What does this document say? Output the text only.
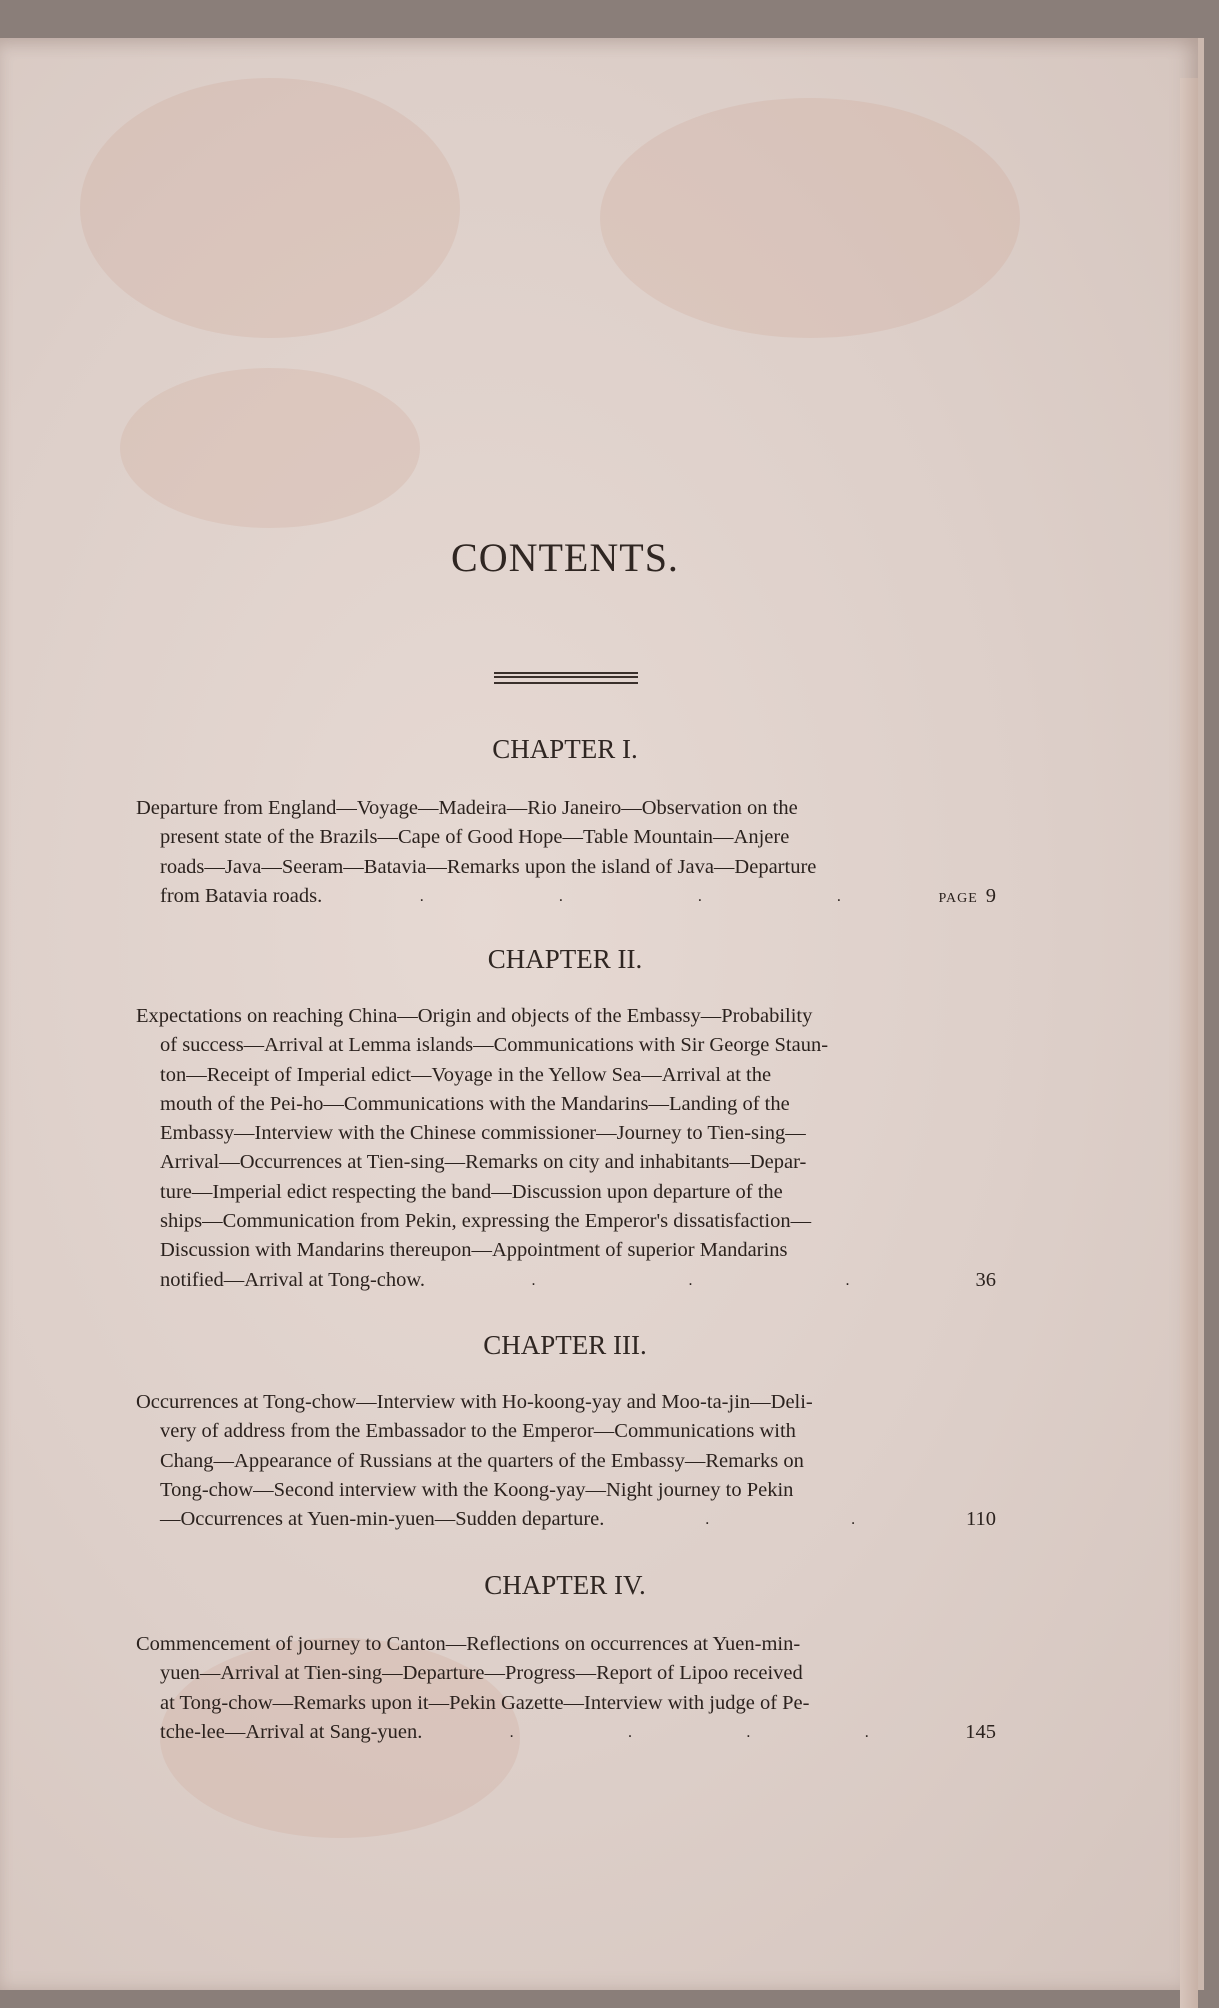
CONTENTS.
CHAPTER I.
Departure from England—Voyage—Madeira—Rio Janeiro—Observation on the
present state of the Brazils—Cape of Good Hope—Table Mountain—Anjere
roads—Java—Seeram—Batavia—Remarks upon the island of Java—Departure
from Batavia roads.	.	.	.	.	PAGE 9
CHAPTER II.
Expectations on reaching China—Origin and objects of the Embassy—Probability
of success—Arrival at Lemma islands—Communications with Sir George Staun-
ton—Receipt of Imperial edict—Voyage in the Yellow Sea—Arrival at the
mouth of the Pei-ho—Communications with the Mandarins—Landing of the
Embassy—Interview with the Chinese commissioner—Journey to Tien-sing—
Arrival—Occurrences at Tien-sing—Remarks on city and inhabitants—Depar-
ture—Imperial edict respecting the band—Discussion upon departure of the
ships—Communication from Pekin, expressing the Emperor's dissatisfaction—
Discussion with Mandarins thereupon—Appointment of superior Mandarins
notified—Arrival at Tong-chow.	.	.	.	36
CHAPTER III.
Occurrences at Tong-chow—Interview with Ho-koong-yay and Moo-ta-jin—Deli-
very of address from the Embassador to the Emperor—Communications with
Chang—Appearance of Russians at the quarters of the Embassy—Remarks on
Tong-chow—Second interview with the Koong-yay—Night journey to Pekin
—Occurrences at Yuen-min-yuen—Sudden departure.	.	.	110
CHAPTER IV.
Commencement of journey to Canton—Reflections on occurrences at Yuen-min-
yuen—Arrival at Tien-sing—Departure—Progress—Report of Lipoo received
at Tong-chow—Remarks upon it—Pekin Gazette—Interview with judge of Pe-
tche-lee—Arrival at Sang-yuen.	.	.	.	.	145
